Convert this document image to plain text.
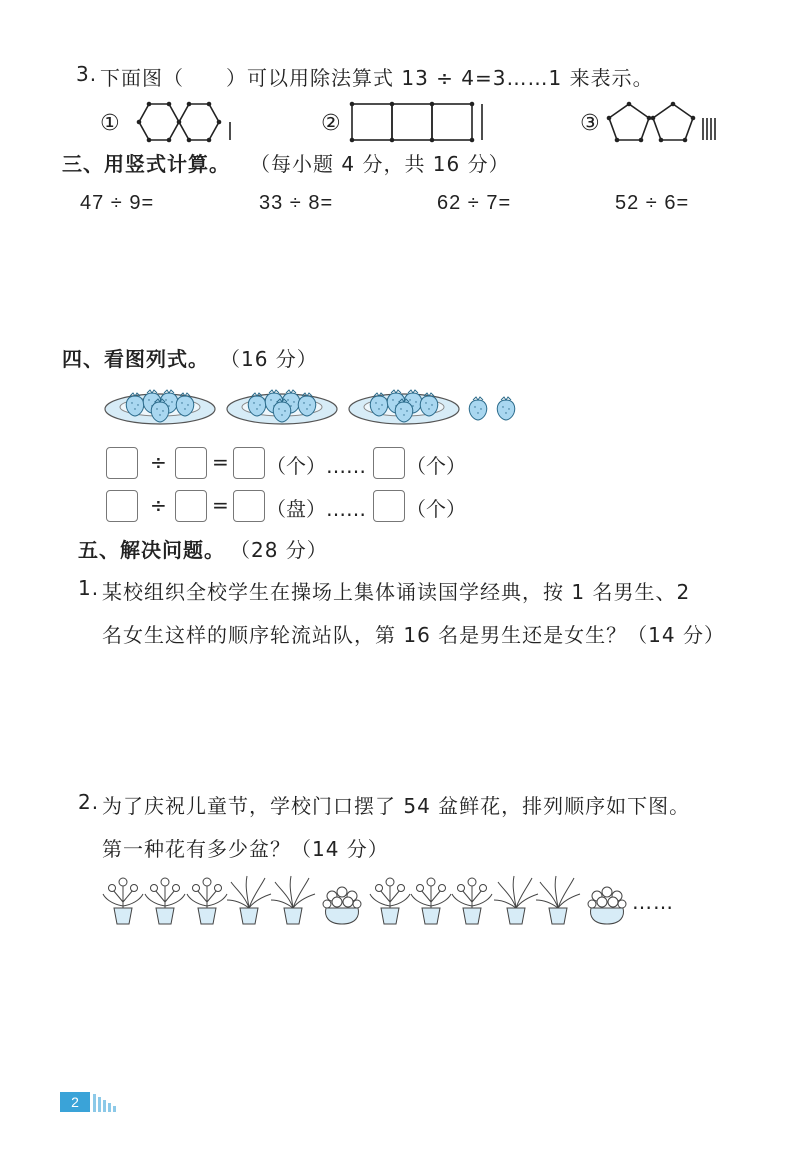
3. 下面图（　　）可以用除法算式 13 ÷ 4=3……1 来表示。
①	②	③
三、用竖式计算。 （每小题 4 分，共 16 分）
47 ÷ 9=	33 ÷ 8=	62 ÷ 7=	52 ÷ 6=
四、看图列式。 （16 分）
÷ = （个）…… （个）
÷ = （盘）…… （个）
五、解决问题。 （28 分）
1. 某校组织全校学生在操场上集体诵读国学经典，按 1 名男生、2
名女生这样的顺序轮流站队，第 16 名是男生还是女生？（14 分）
2. 为了庆祝儿童节，学校门口摆了 54 盆鲜花，排列顺序如下图。
第一种花有多少盆？（14 分）
……
2
